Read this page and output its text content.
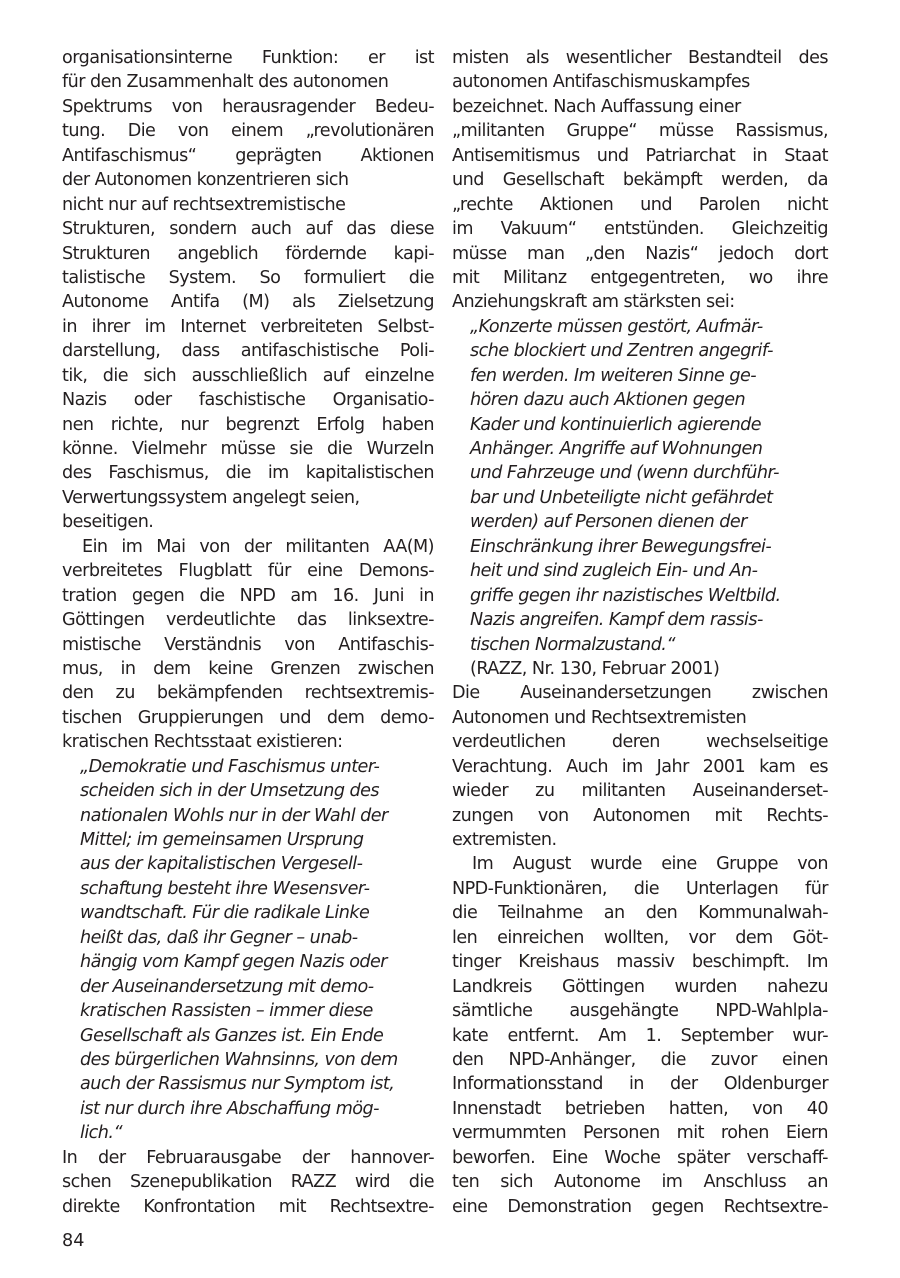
organisationsinterne Funktion: er ist
für den Zusammenhalt des autonomen
Spektrums von herausragender Bedeu-
tung. Die von einem „revolutionären
Antifaschismus“ geprägten Aktionen
der Autonomen konzentrieren sich
nicht nur auf rechtsextremistische
Strukturen, sondern auch auf das diese
Strukturen angeblich fördernde kapi-
talistische System. So formuliert die
Autonome Antifa (M) als Zielsetzung
in ihrer im Internet verbreiteten Selbst-
darstellung, dass antifaschistische Poli-
tik, die sich ausschließlich auf einzelne
Nazis oder faschistische Organisatio-
nen richte, nur begrenzt Erfolg haben
könne. Vielmehr müsse sie die Wurzeln
des Faschismus, die im kapitalistischen
Verwertungssystem angelegt seien,
beseitigen.
Ein im Mai von der militanten AA(M)
verbreitetes Flugblatt für eine Demons-
tration gegen die NPD am 16. Juni in
Göttingen verdeutlichte das linksextre-
mistische Verständnis von Antifaschis-
mus, in dem keine Grenzen zwischen
den zu bekämpfenden rechtsextremis-
tischen Gruppierungen und dem demo-
kratischen Rechtsstaat existieren:
„Demokratie und Faschismus unter-
scheiden sich in der Umsetzung des
nationalen Wohls nur in der Wahl der
Mittel; im gemeinsamen Ursprung
aus der kapitalistischen Vergesell-
schaftung besteht ihre Wesensver-
wandtschaft. Für die radikale Linke
heißt das, daß ihr Gegner – unab-
hängig vom Kampf gegen Nazis oder
der Auseinandersetzung mit demo-
kratischen Rassisten – immer diese
Gesellschaft als Ganzes ist. Ein Ende
des bürgerlichen Wahnsinns, von dem
auch der Rassismus nur Symptom ist,
ist nur durch ihre Abschaffung mög-
lich.“
In der Februarausgabe der hannover-
schen Szenepublikation RAZZ wird die
direkte Konfrontation mit Rechtsextre-
misten als wesentlicher Bestandteil des
autonomen Antifaschismuskampfes
bezeichnet. Nach Auffassung einer
„militanten Gruppe“ müsse Rassismus,
Antisemitismus und Patriarchat in Staat
und Gesellschaft bekämpft werden, da
„rechte Aktionen und Parolen nicht
im Vakuum“ entstünden. Gleichzeitig
müsse man „den Nazis“ jedoch dort
mit Militanz entgegentreten, wo ihre
Anziehungskraft am stärksten sei:
„Konzerte müssen gestört, Aufmär-
sche blockiert und Zentren angegrif-
fen werden. Im weiteren Sinne ge-
hören dazu auch Aktionen gegen
Kader und kontinuierlich agierende
Anhänger. Angriffe auf Wohnungen
und Fahrzeuge und (wenn durchführ-
bar und Unbeteiligte nicht gefährdet
werden) auf Personen dienen der
Einschränkung ihrer Bewegungsfrei-
heit und sind zugleich Ein- und An-
griffe gegen ihr nazistisches Weltbild.
Nazis angreifen. Kampf dem rassis-
tischen Normalzustand.“
(RAZZ, Nr. 130, Februar 2001)
Die Auseinandersetzungen zwischen
Autonomen und Rechtsextremisten
verdeutlichen deren wechselseitige
Verachtung. Auch im Jahr 2001 kam es
wieder zu militanten Auseinanderset-
zungen von Autonomen mit Rechts-
extremisten.
Im August wurde eine Gruppe von
NPD-Funktionären, die Unterlagen für
die Teilnahme an den Kommunalwah-
len einreichen wollten, vor dem Göt-
tinger Kreishaus massiv beschimpft. Im
Landkreis Göttingen wurden nahezu
sämtliche ausgehängte NPD-Wahlpla-
kate entfernt. Am 1. September wur-
den NPD-Anhänger, die zuvor einen
Informationsstand in der Oldenburger
Innenstadt betrieben hatten, von 40
vermummten Personen mit rohen Eiern
beworfen. Eine Woche später verschaff-
ten sich Autonome im Anschluss an
eine Demonstration gegen Rechtsextre-
84
